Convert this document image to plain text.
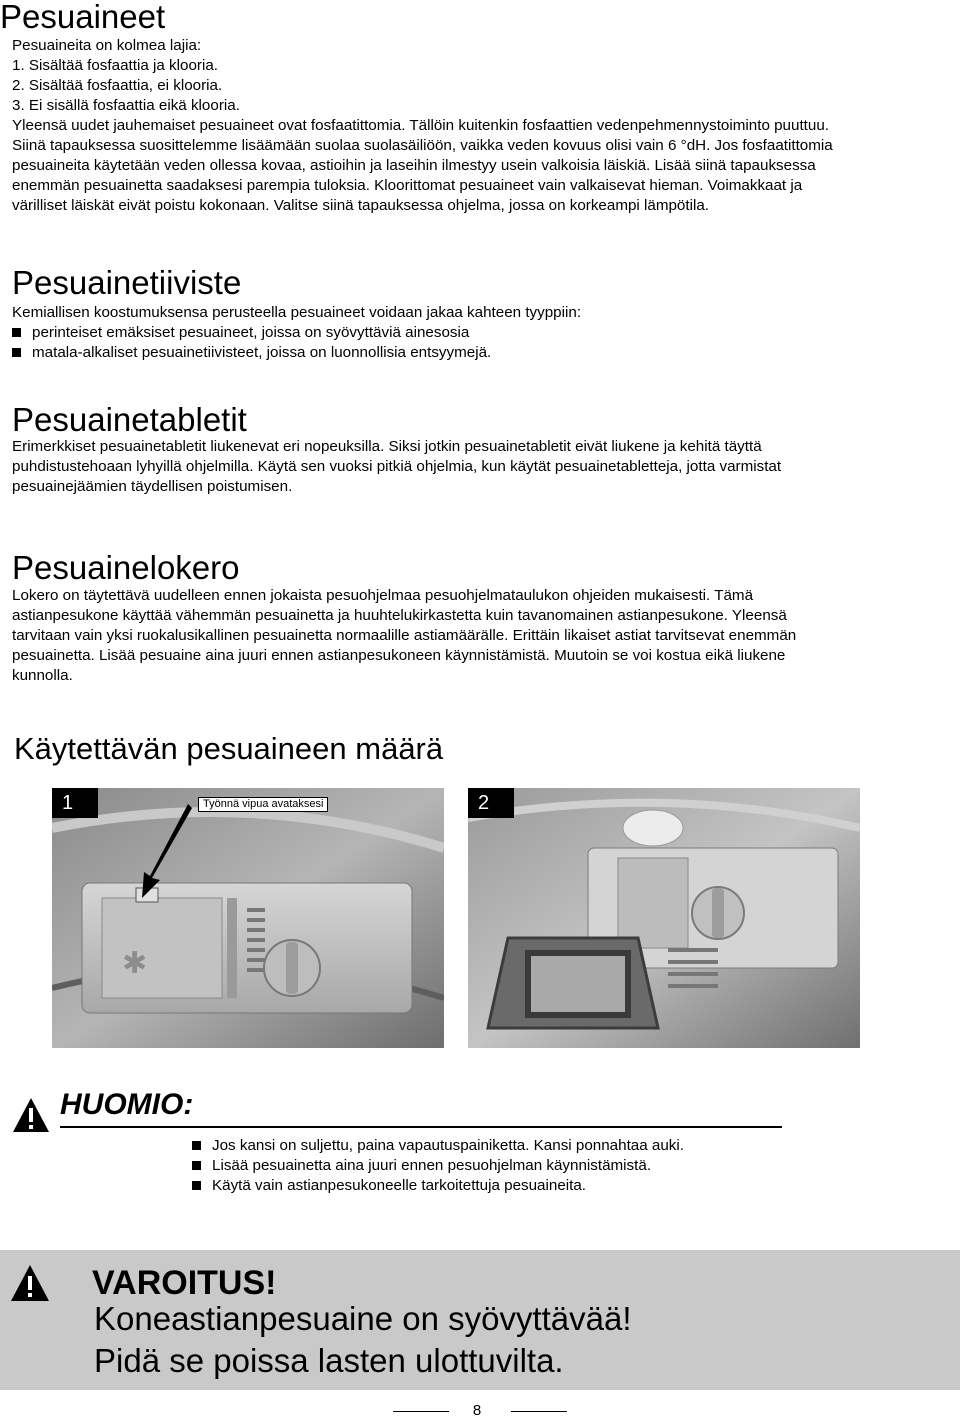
Pesuaineet

Pesuaineita on kolmea lajia:

1. Sisältää fosfaattia ja klooria.

2. Sisältää fosfaattia, ei klooria.

3. Ei sisällä fosfaattia eikä klooria.

Yleensä uudet jauhemaiset pesuaineet ovat fosfaatittomia. Tällöin kuitenkin fosfaattien vedenpehmennystoiminto puuttuu.

Siinä tapauksessa suosittelemme lisäämään suolaa suolasäiliöön, vaikka veden kovuus olisi vain 6 °dH. Jos fosfaatittomia

pesuaineita käytetään veden ollessa kovaa, astioihin ja laseihin ilmestyy usein valkoisia läiskiä. Lisää siinä tapauksessa

enemmän pesuainetta saadaksesi parempia tuloksia. Kloorittomat pesuaineet vain valkaisevat hieman. Voimakkaat ja

värilliset läiskät eivät poistu kokonaan. Valitse siinä tapauksessa ohjelma, jossa on korkeampi lämpötila.

Pesuainetiiviste
Kemiallisen koostumuksensa perusteella pesuaineet voidaan jakaa kahteen tyyppiin:
perinteiset emäksiset pesuaineet, joissa on syövyttäviä ainesosia
matala-alkaliset pesuainetiivisteet, joissa on luonnollisia entsyymejä.
Pesuainetabletit

Erimerkkiset pesuainetabletit liukenevat eri nopeuksilla. Siksi jotkin pesuainetabletit eivät liukene ja kehitä täyttä

puhdistustehoaan lyhyillä ohjelmilla. Käytä sen vuoksi pitkiä ohjelmia, kun käytät pesuainetabletteja, jotta varmistat

pesuainejäämien täydellisen poistumisen.

Pesuainelokero

Lokero on täytettävä uudelleen ennen jokaista pesuohjelmaa pesuohjelmataulukon ohjeiden mukaisesti. Tämä

astianpesukone käyttää vähemmän pesuainetta ja huuhtelukirkastetta kuin tavanomainen astianpesukone. Yleensä

tarvitaan vain yksi ruokalusikallinen pesuainetta normaalille astiamäärälle. Erittäin likaiset astiat tarvitsevat enemmän

pesuainetta. Lisää pesuaine aina juuri ennen astianpesukoneen käynnistämistä. Muutoin se voi kostua eikä liukene

kunnolla.

Käytettävän pesuaineen määrä
✱
1	Työnnä vipua avataksesi	2
HUOMIO:
Jos kansi on suljettu, paina vapautuspainiketta. Kansi ponnahtaa auki.
Lisää pesuainetta aina juuri ennen pesuohjelman käynnistämistä.
Käytä vain astianpesukoneelle tarkoitettuja pesuaineita.
VAROITUS!
Koneastianpesuaine on syövyttävää!
Pidä se poissa lasten ulottuvilta.
8
